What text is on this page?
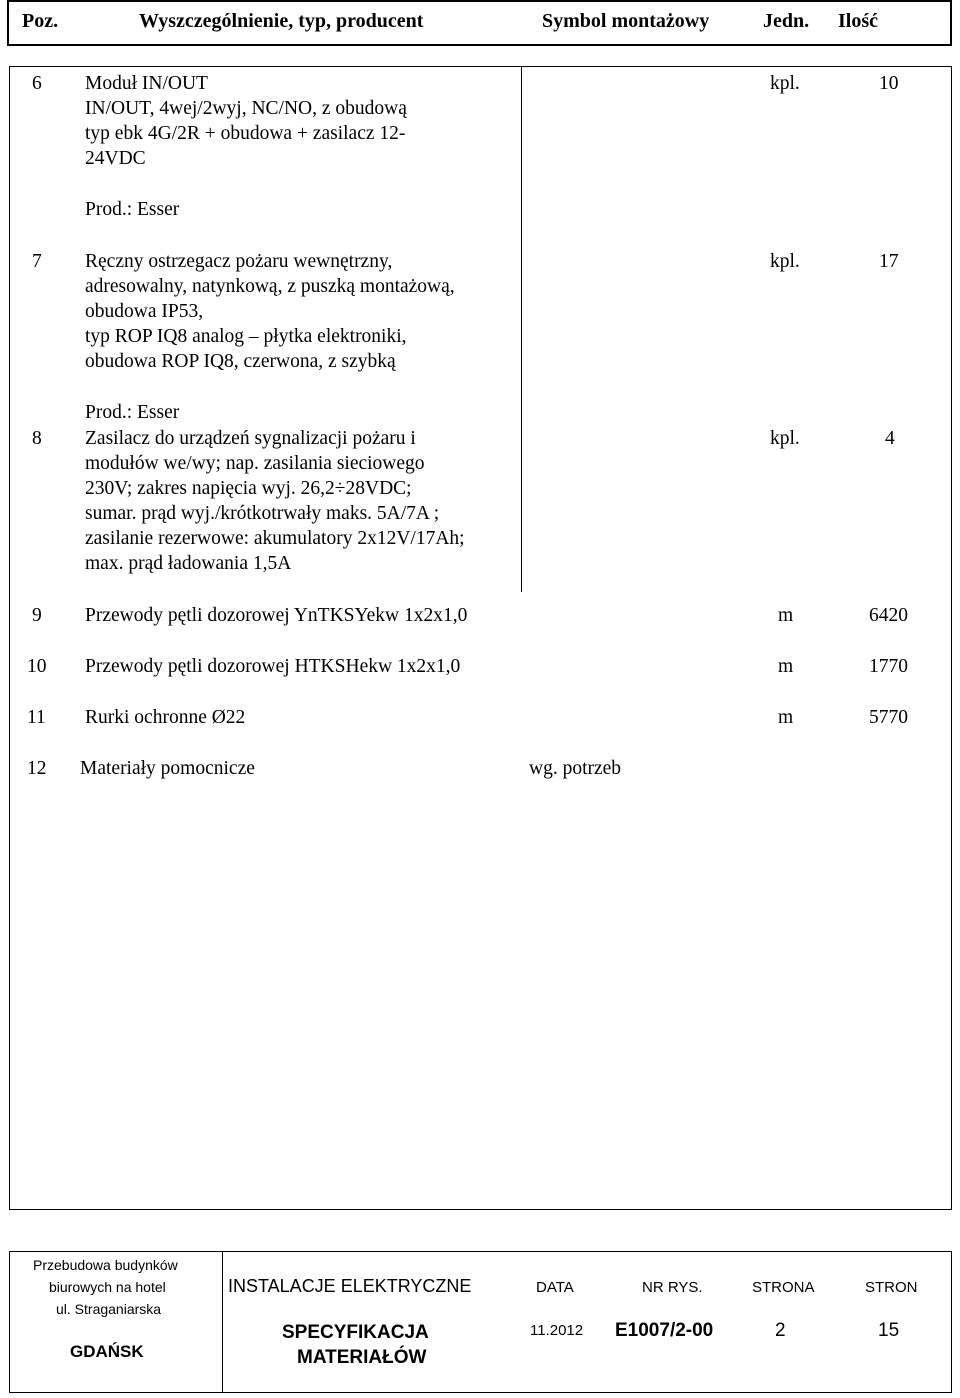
Poz.	Wyszczególnienie, typ, producent	Symbol montażowy	Jedn. Ilość
6 Moduł IN/OUT
IN/OUT, 4wej/2wyj, NC/NO, z obudową
typ ebk 4G/2R + obudowa + zasilacz 12-
24VDC
Prod.: Esser
kpl.	10
7 Ręczny ostrzegacz pożaru wewnętrzny,
adresowalny, natynkową, z puszką montażową,
obudowa IP53,
typ ROP IQ8 analog – płytka elektroniki,
obudowa ROP IQ8, czerwona, z szybką
Prod.: Esser
kpl.	17
8 Zasilacz do urządzeń sygnalizacji pożaru i
modułów we/wy; nap. zasilania sieciowego
230V; zakres napięcia wyj. 26,2÷28VDC;
sumar. prąd wyj./krótkotrwały maks. 5A/7A ;
zasilanie rezerwowe: akumulatory 2x12V/17Ah;
max. prąd ładowania 1,5A
kpl.	4
9 Przewody pętli dozorowej YnTKSYekw 1x2x1,0	m	6420
10 Przewody pętli dozorowej HTKSHekw 1x2x1,0	m	1770
11 Rurki ochronne Ø22	m	5770
12 Materiały pomocnicze	wg. potrzeb
Przebudowa budynków
biurowych na hotel
ul. Straganiarska
GDAŃSK
INSTALACJE ELEKTRYCZNE
SPECYFIKACJA
MATERIAŁÓW
DATA
11.2012
NR RYS.
E1007/2-00
STRONA
2
STRON
15
